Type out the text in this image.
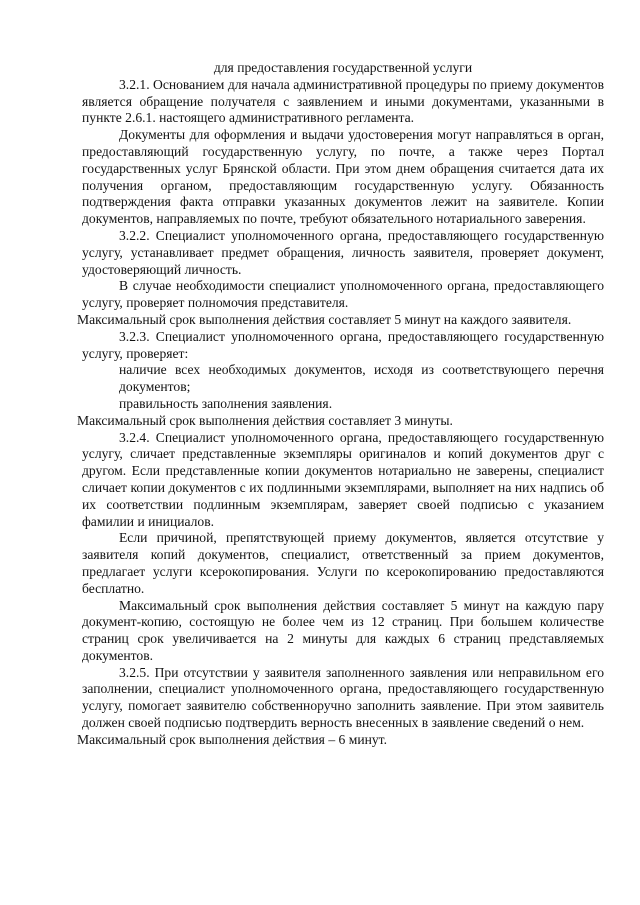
для предоставления государственной услуги

3.2.1. Основанием для начала административной процедуры по приему документов является обращение получателя с заявлением и иными документами, указанными в пункте 2.6.1. настоящего административного регламента.

Документы для оформления и выдачи удостоверения могут направляться в орган, предоставляющий государственную услугу, по почте, а также через Портал государственных услуг Брянской области. При этом днем обращения считается дата их получения органом, предоставляющим государственную услугу. Обязанность подтверждения факта отправки указанных документов лежит на заявителе. Копии документов, направляемых по почте, требуют обязательного нотариального заверения.

3.2.2. Специалист уполномоченного органа, предоставляющего государственную услугу, устанавливает предмет обращения, личность заявителя, проверяет документ, удостоверяющий личность.

В случае необходимости специалист уполномоченного органа, предоставляющего услугу, проверяет полномочия представителя.

Максимальный срок выполнения действия составляет 5 минут на каждого заявителя.

3.2.3. Специалист уполномоченного органа, предоставляющего государственную услугу, проверяет:

наличие всех необходимых документов, исходя из соответствующего перечня документов;

правильность заполнения заявления.

Максимальный срок выполнения действия составляет 3 минуты.

3.2.4. Специалист уполномоченного органа, предоставляющего государственную услугу, сличает представленные экземпляры оригиналов и копий документов друг с другом. Если представленные копии документов нотариально не заверены, специалист сличает копии документов с их подлинными экземплярами, выполняет на них надпись об их соответствии подлинным экземплярам, заверяет своей подписью с указанием фамилии и инициалов.

Если причиной, препятствующей приему документов, является отсутствие у заявителя копий документов, специалист, ответственный за прием документов, предлагает услуги ксерокопирования. Услуги по ксерокопированию предоставляются бесплатно.

Максимальный срок выполнения действия составляет 5 минут на каждую пару документ-копию, состоящую не более чем из 12 страниц. При большем количестве страниц срок увеличивается на 2 минуты для каждых 6 страниц представляемых документов.

3.2.5. При отсутствии у заявителя заполненного заявления или неправильном его заполнении, специалист уполномоченного органа, предоставляющего государственную услугу, помогает заявителю собственноручно заполнить заявление. При этом заявитель должен своей подписью подтвердить верность внесенных в заявление сведений о нем.

Максимальный срок выполнения действия – 6 минут.
